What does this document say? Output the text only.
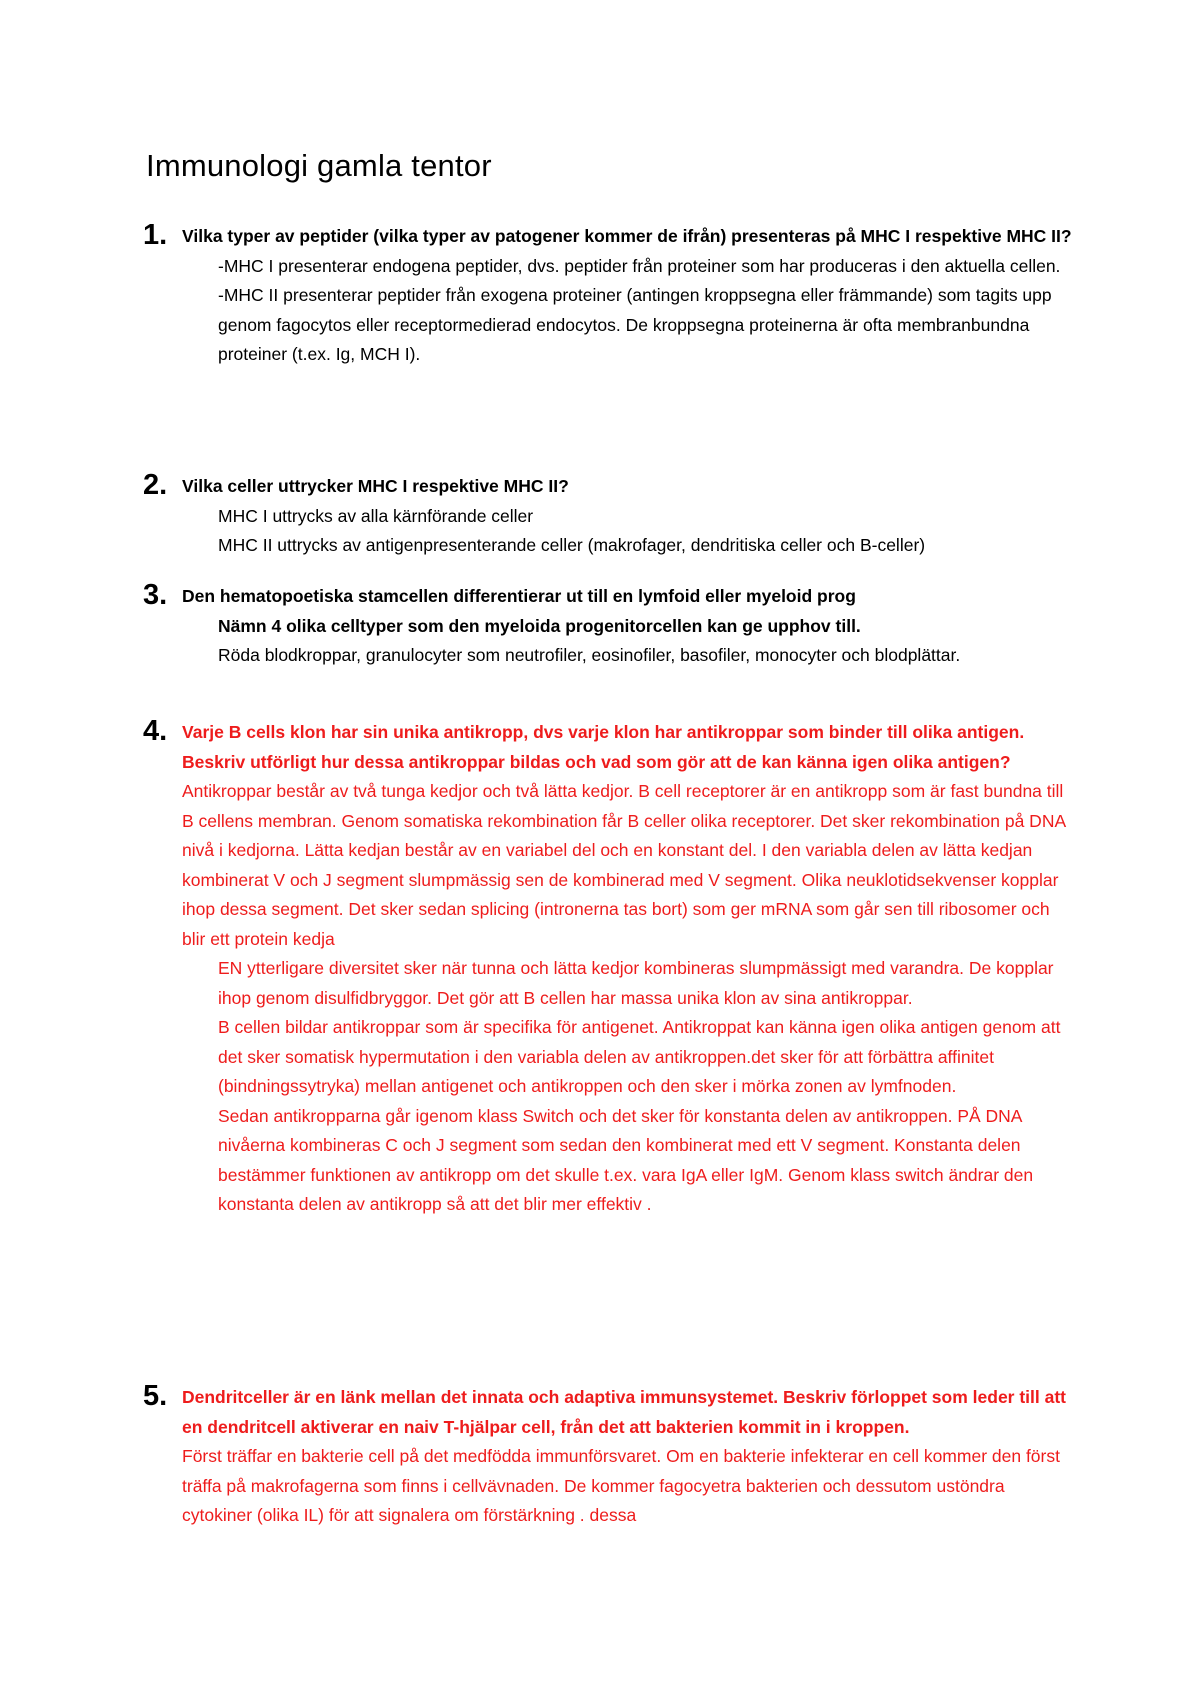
Immunologi gamla tentor
1. Vilka typer av peptider (vilka typer av patogener kommer de ifrån) presenteras på MHC I respektive MHC II?

-MHC I presenterar endogena peptider, dvs. peptider från proteiner som har produceras i den aktuella cellen.

-MHC II presenterar peptider från exogena proteiner (antingen kroppsegna eller främmande) som tagits upp genom fagocytos eller receptormedierad endocytos. De kroppsegna proteinerna är ofta membranbundna proteiner (t.ex. Ig, MCH I).

2. Vilka celler uttrycker MHC I respektive MHC II?

MHC I uttrycks av alla kärnförande celler

MHC II uttrycks av antigenpresenterande celler (makrofager, dendritiska celler och B-celler)

3. Den hematopoetiska stamcellen differentierar ut till en lymfoid eller myeloid prog

Nämn 4 olika celltyper som den myeloida progenitorcellen kan ge upphov till.

Röda blodkroppar, granulocyter som neutrofiler, eosinofiler, basofiler, monocyter och blodplättar.

4. Varje B cells klon har sin unika antikropp, dvs varje klon har antikroppar som binder till olika antigen. Beskriv utförligt hur dessa antikroppar bildas och vad som gör att de kan känna igen olika antigen?

Antikroppar består av två tunga kedjor och två lätta kedjor. B cell receptorer är en antikropp som är fast bundna till B cellens membran. Genom somatiska rekombination får B celler olika receptorer. Det sker rekombination på DNA nivå i kedjorna. Lätta kedjan består av en variabel del och en konstant del. I den variabla delen av lätta kedjan kombinerat V och J segment slumpmässig sen de kombinerad med V segment. Olika neuklotidsekvenser kopplar ihop dessa segment. Det sker sedan splicing (intronerna tas bort) som ger mRNA som går sen till ribosomer och blir ett protein kedja

EN ytterligare diversitet sker när tunna och lätta kedjor kombineras slumpmässigt med varandra. De kopplar ihop genom disulfidbryggor. Det gör att B cellen har massa unika klon av sina antikroppar.

B cellen bildar antikroppar som är specifika för antigenet. Antikroppat kan känna igen olika antigen genom att det sker somatisk hypermutation i den variabla delen av antikroppen.det sker för att förbättra affinitet (bindningssytryka) mellan antigenet och antikroppen och den sker i mörka zonen av lymfnoden.

Sedan antikropparna går igenom klass Switch och det sker för konstanta delen av antikroppen. PÅ DNA nivåerna kombineras C och J segment som sedan den kombinerat med ett V segment. Konstanta delen bestämmer funktionen av antikropp om det skulle t.ex. vara IgA eller IgM. Genom klass switch ändrar den konstanta delen av antikropp så att det blir mer effektiv .

5. Dendritceller är en länk mellan det innata och adaptiva immunsystemet. Beskriv förloppet som leder till att en dendritcell aktiverar en naiv T-hjälpar cell, från det att bakterien kommit in i kroppen.

Först träffar en bakterie cell på det medfödda immunförsvaret. Om en bakterie infekterar en cell kommer den först träffa på makrofagerna som finns i cellvävnaden. De kommer fagocyetra bakterien och dessutom ustöndra cytokiner (olika IL) för att signalera om förstärkning . dessa
